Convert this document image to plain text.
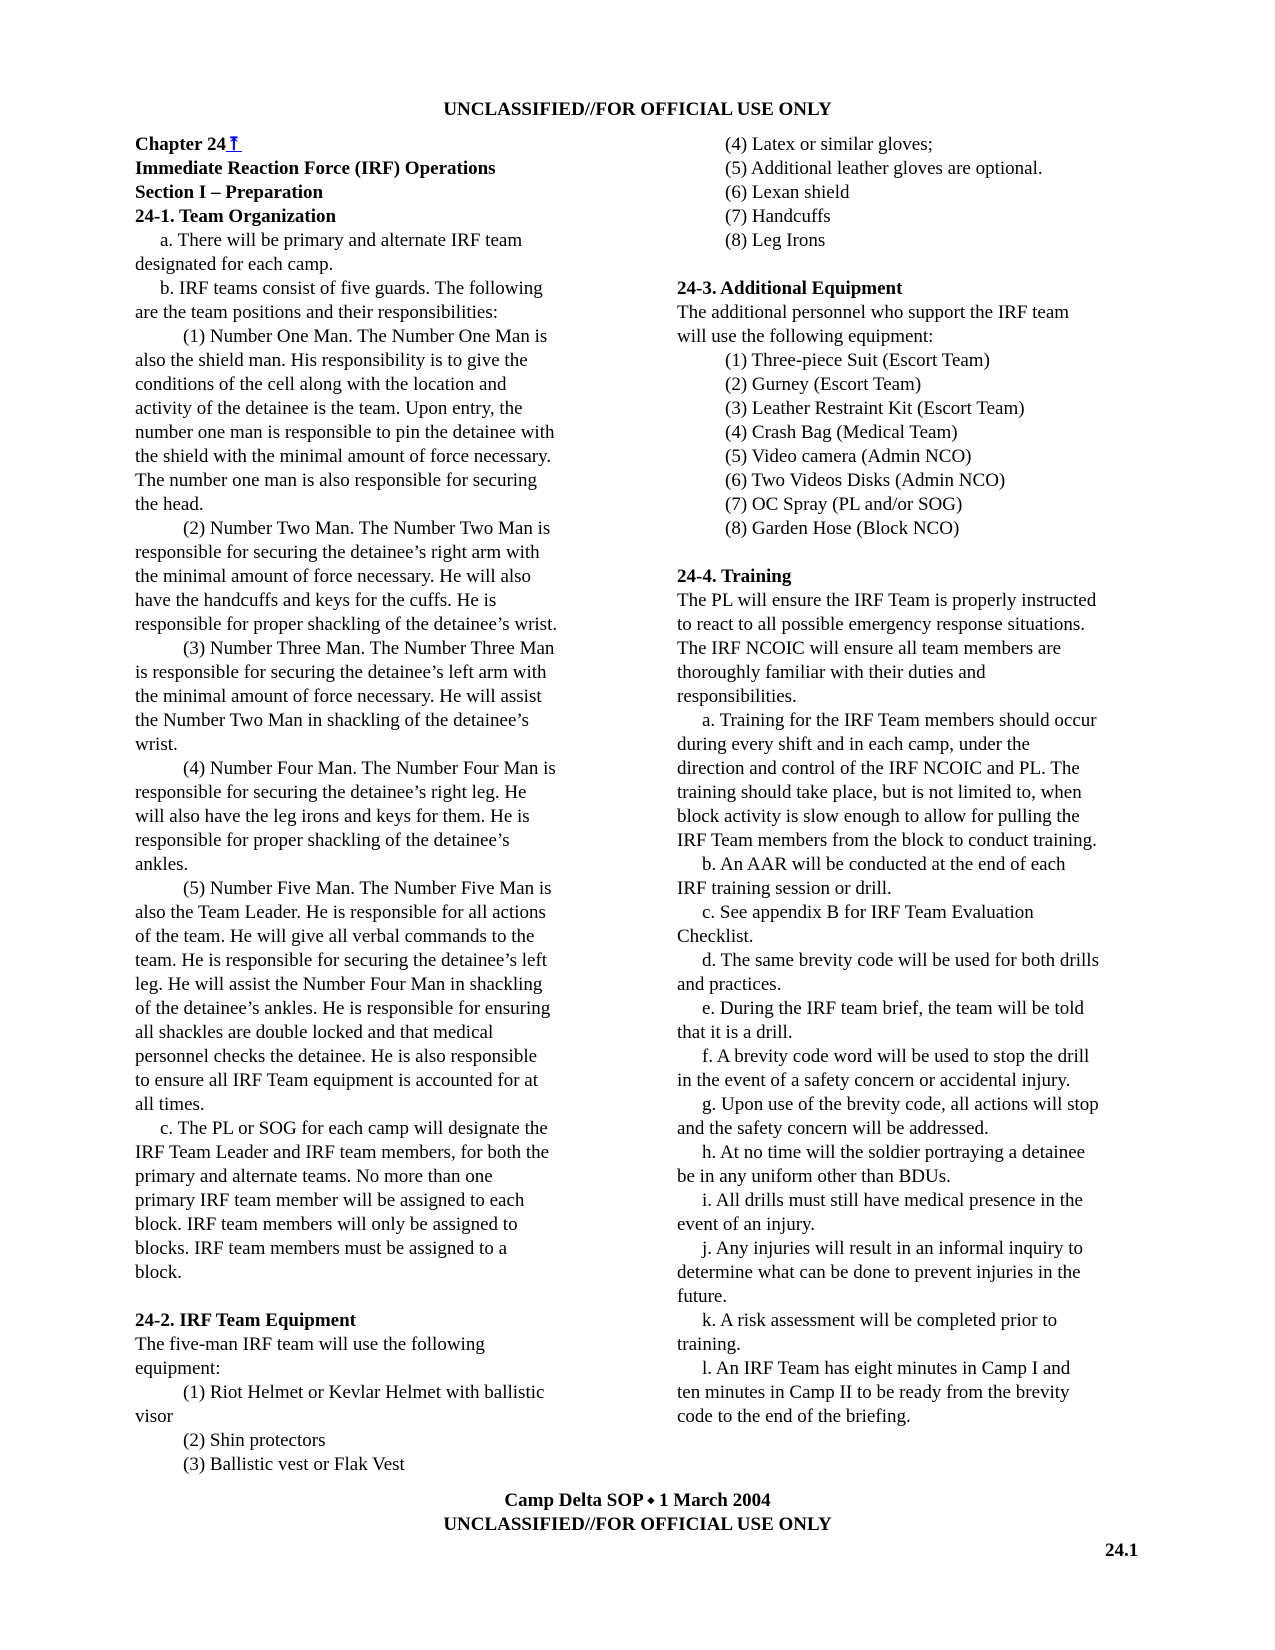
UNCLASSIFIED//FOR OFFICIAL USE ONLY
Chapter 24⤒
Immediate Reaction Force (IRF) Operations
Section I – Preparation
24-1. Team Organization
a. There will be primary and alternate IRF team
designated for each camp.
b. IRF teams consist of five guards. The following
are the team positions and their responsibilities:
(1) Number One Man. The Number One Man is
also the shield man. His responsibility is to give the
conditions of the cell along with the location and
activity of the detainee is the team. Upon entry, the
number one man is responsible to pin the detainee with
the shield with the minimal amount of force necessary.
The number one man is also responsible for securing
the head.
(2) Number Two Man. The Number Two Man is
responsible for securing the detainee’s right arm with
the minimal amount of force necessary. He will also
have the handcuffs and keys for the cuffs. He is
responsible for proper shackling of the detainee’s wrist.
(3) Number Three Man. The Number Three Man
is responsible for securing the detainee’s left arm with
the minimal amount of force necessary. He will assist
the Number Two Man in shackling of the detainee’s
wrist.
(4) Number Four Man. The Number Four Man is
responsible for securing the detainee’s right leg. He
will also have the leg irons and keys for them. He is
responsible for proper shackling of the detainee’s
ankles.
(5) Number Five Man. The Number Five Man is
also the Team Leader. He is responsible for all actions
of the team. He will give all verbal commands to the
team. He is responsible for securing the detainee’s left
leg. He will assist the Number Four Man in shackling
of the detainee’s ankles. He is responsible for ensuring
all shackles are double locked and that medical
personnel checks the detainee. He is also responsible
to ensure all IRF Team equipment is accounted for at
all times.
c. The PL or SOG for each camp will designate the
IRF Team Leader and IRF team members, for both the
primary and alternate teams. No more than one
primary IRF team member will be assigned to each
block. IRF team members will only be assigned to
blocks. IRF team members must be assigned to a
block.
24-2. IRF Team Equipment
The five-man IRF team will use the following
equipment:
(1) Riot Helmet or Kevlar Helmet with ballistic
visor
(2) Shin protectors
(3) Ballistic vest or Flak Vest
(4) Latex or similar gloves;
(5) Additional leather gloves are optional.
(6) Lexan shield
(7) Handcuffs
(8) Leg Irons
24-3. Additional Equipment
The additional personnel who support the IRF team
will use the following equipment:
(1) Three-piece Suit (Escort Team)
(2) Gurney (Escort Team)
(3) Leather Restraint Kit (Escort Team)
(4) Crash Bag (Medical Team)
(5) Video camera (Admin NCO)
(6) Two Videos Disks (Admin NCO)
(7) OC Spray (PL and/or SOG)
(8) Garden Hose (Block NCO)
24-4. Training
The PL will ensure the IRF Team is properly instructed
to react to all possible emergency response situations.
The IRF NCOIC will ensure all team members are
thoroughly familiar with their duties and
responsibilities.
a. Training for the IRF Team members should occur
during every shift and in each camp, under the
direction and control of the IRF NCOIC and PL. The
training should take place, but is not limited to, when
block activity is slow enough to allow for pulling the
IRF Team members from the block to conduct training.
b. An AAR will be conducted at the end of each
IRF training session or drill.
c. See appendix B for IRF Team Evaluation
Checklist.
d. The same brevity code will be used for both drills
and practices.
e. During the IRF team brief, the team will be told
that it is a drill.
f. A brevity code word will be used to stop the drill
in the event of a safety concern or accidental injury.
g. Upon use of the brevity code, all actions will stop
and the safety concern will be addressed.
h. At no time will the soldier portraying a detainee
be in any uniform other than BDUs.
i. All drills must still have medical presence in the
event of an injury.
j. Any injuries will result in an informal inquiry to
determine what can be done to prevent injuries in the
future.
k. A risk assessment will be completed prior to
training.
l. An IRF Team has eight minutes in Camp I and
ten minutes in Camp II to be ready from the brevity
code to the end of the briefing.
Camp Delta SOP ⬩ 1 March 2004
UNCLASSIFIED//FOR OFFICIAL USE ONLY
24.1
